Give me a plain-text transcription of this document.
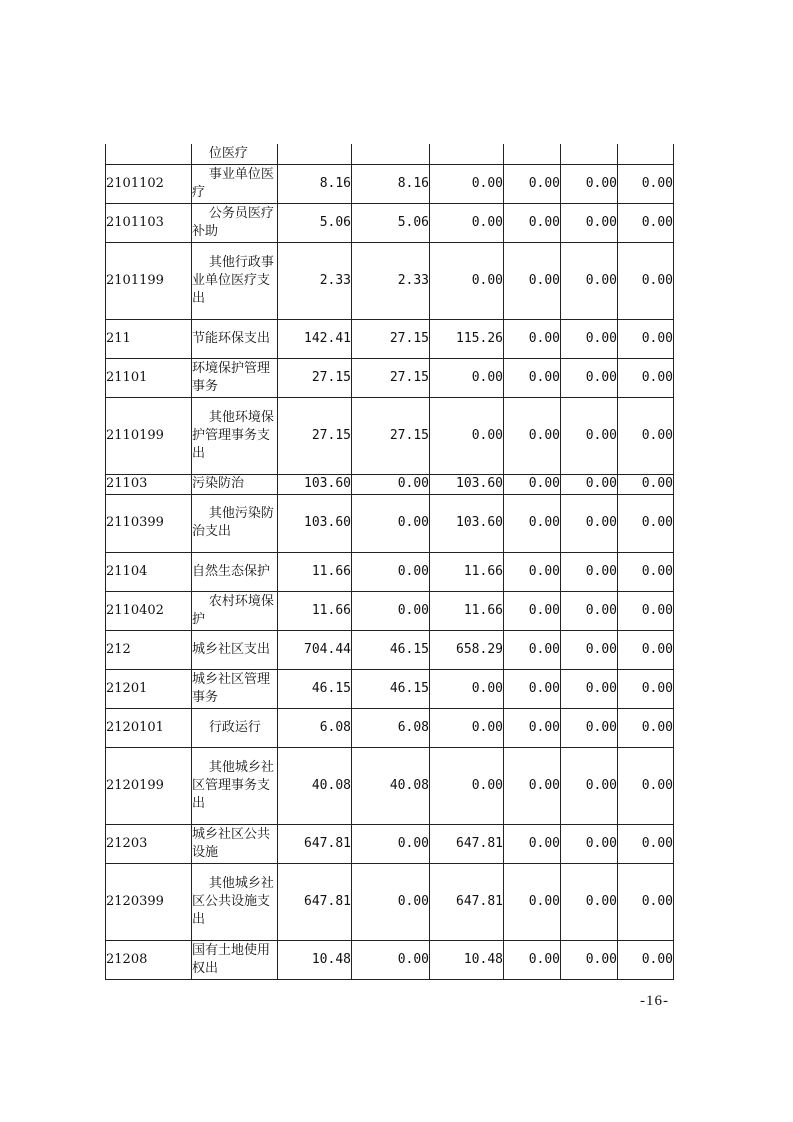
	位医疗						
2101102	事业单位医疗	8.16	8.16	0.00	0.00	0.00	0.00
2101103	公务员医疗补助	5.06	5.06	0.00	0.00	0.00	0.00
2101199	其他行政事业单位医疗支出	2.33	2.33	0.00	0.00	0.00	0.00
211	节能环保支出	142.41	27.15	115.26	0.00	0.00	0.00
21101	环境保护管理事务	27.15	27.15	0.00	0.00	0.00	0.00
2110199	其他环境保护管理事务支出	27.15	27.15	0.00	0.00	0.00	0.00
21103	污染防治	103.60	0.00	103.60	0.00	0.00	0.00
2110399	其他污染防治支出	103.60	0.00	103.60	0.00	0.00	0.00
21104	自然生态保护	11.66	0.00	11.66	0.00	0.00	0.00
2110402	农村环境保护	11.66	0.00	11.66	0.00	0.00	0.00
212	城乡社区支出	704.44	46.15	658.29	0.00	0.00	0.00
21201	城乡社区管理事务	46.15	46.15	0.00	0.00	0.00	0.00
2120101	行政运行	6.08	6.08	0.00	0.00	0.00	0.00
2120199	其他城乡社区管理事务支出	40.08	40.08	0.00	0.00	0.00	0.00
21203	城乡社区公共设施	647.81	0.00	647.81	0.00	0.00	0.00
2120399	其他城乡社区公共设施支出	647.81	0.00	647.81	0.00	0.00	0.00
21208	国有土地使用权出	10.48	0.00	10.48	0.00	0.00	0.00
-16-
